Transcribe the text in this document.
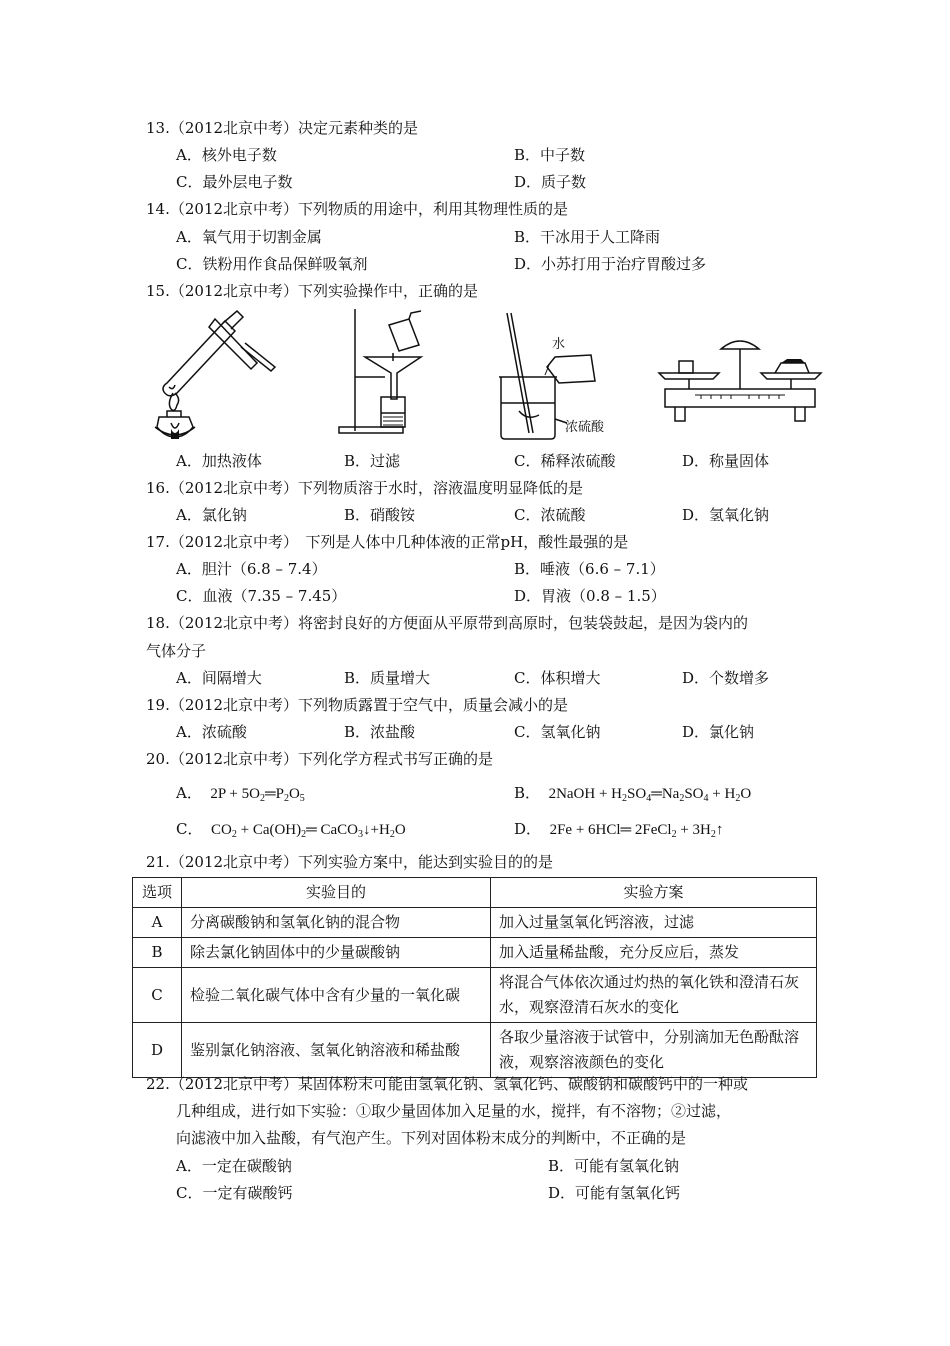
13.（2012北京中考）决定元素种类的是
A．核外电子数	B．中子数
C．最外层电子数	D．质子数
14.（2012北京中考）下列物质的用途中，利用其物理性质的是
A．氧气用于切割金属	B．干冰用于人工降雨
C．铁粉用作食品保鲜吸氧剂	D．小苏打用于治疗胃酸过多
15.（2012北京中考）下列实验操作中，正确的是
水
浓硫酸
A．加热液体	B．过滤	C．稀释浓硫酸	D．称量固体
16.（2012北京中考）下列物质溶于水时，溶液温度明显降低的是
A．氯化钠	B．硝酸铵	C．浓硫酸	D．氢氧化钠
17.（2012北京中考）　下列是人体中几种体液的正常pH，酸性最强的是
A．胆汁（6.8 – 7.4）	B．唾液（6.6 – 7.1）
C．血液（7.35 – 7.45）	D．胃液（0.8 – 1.5）
18.（2012北京中考）将密封良好的方便面从平原带到高原时，包装袋鼓起，是因为袋内的
气体分子
A．间隔增大	B．质量增大	C．体积增大	D．个数增多
19.（2012北京中考）下列物质露置于空气中，质量会减小的是
A．浓硫酸	B．浓盐酸	C．氢氧化钠	D．氯化钠
20.（2012北京中考）下列化学方程式书写正确的是
A．  $2P + 5O_2═P_2O_5$	B．  2NaOH + $H_2SO_4═Na_2SO_4 + H_2O$
C．  $CO_2$ + $Ca(OH)_2═$ $CaCO_3↓+H_2O$	D．  2Fe + 6HCl═ 2FeCl$_2$ + $3H_2↑$
21.（2012北京中考）下列实验方案中，能达到实验目的的是
选项	实验目的	实验方案
A	分离碳酸钠和氢氧化钠的混合物	加入过量氢氧化钙溶液，过滤
B	除去氯化钠固体中的少量碳酸钠	加入适量稀盐酸，充分反应后，蒸发
C	检验二氧化碳气体中含有少量的一氧化碳	将混合气体依次通过灼热的氧化铁和澄清石灰水，观察澄清石灰水的变化
D	鉴别氯化钠溶液、氢氧化钠溶液和稀盐酸	各取少量溶液于试管中，分别滴加无色酚酞溶液，观察溶液颜色的变化
22.（2012北京中考）某固体粉末可能由氢氧化钠、氢氧化钙、碳酸钠和碳酸钙中的一种或
几种组成，进行如下实验：①取少量固体加入足量的水，搅拌，有不溶物；②过滤，
向滤液中加入盐酸，有气泡产生。下列对固体粉末成分的判断中，不正确的是
A．一定在碳酸钠	B．可能有氢氧化钠
C．一定有碳酸钙	D．可能有氢氧化钙
